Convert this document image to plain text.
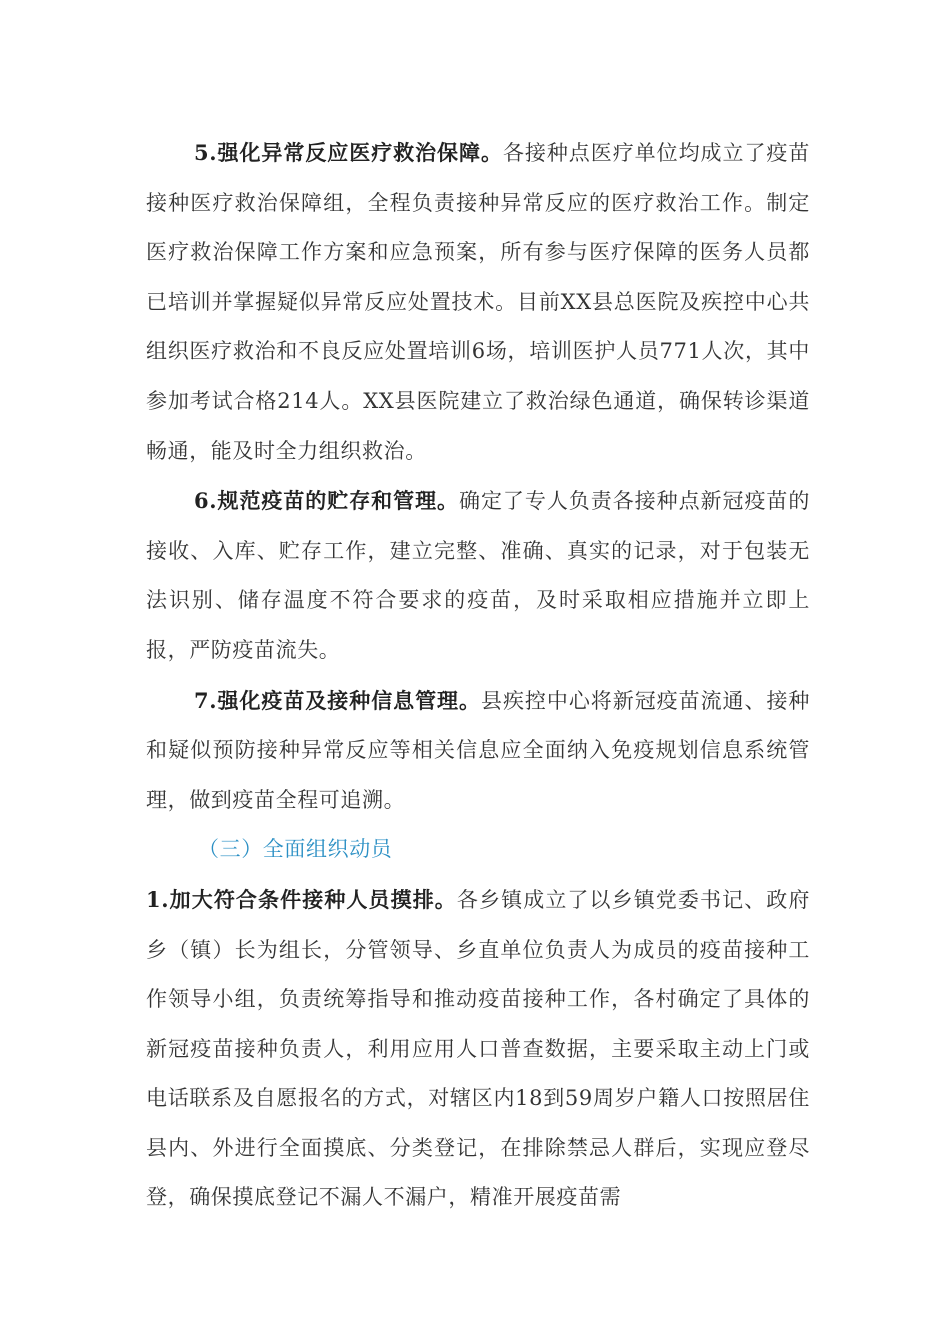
5.强化异常反应医疗救治保障。各接种点医疗单位均成立了疫苗接种医疗救治保障组，全程负责接种异常反应的医疗救治工作。制定医疗救治保障工作方案和应急预案，所有参与医疗保障的医务人员都已培训并掌握疑似异常反应处置技术。目前XX县总医院及疾控中心共组织医疗救治和不良反应处置培训6场，培训医护人员771人次，其中参加考试合格214人。XX县医院建立了救治绿色通道，确保转诊渠道畅通，能及时全力组织救治。

6.规范疫苗的贮存和管理。确定了专人负责各接种点新冠疫苗的接收、入库、贮存工作，建立完整、准确、真实的记录，对于包装无法识别、储存温度不符合要求的疫苗，及时采取相应措施并立即上报，严防疫苗流失。

7.强化疫苗及接种信息管理。县疾控中心将新冠疫苗流通、接种和疑似预防接种异常反应等相关信息应全面纳入免疫规划信息系统管理，做到疫苗全程可追溯。

（三）全面组织动员

1.加大符合条件接种人员摸排。各乡镇成立了以乡镇党委书记、政府乡（镇）长为组长，分管领导、乡直单位负责人为成员的疫苗接种工作领导小组，负责统筹指导和推动疫苗接种工作，各村确定了具体的新冠疫苗接种负责人，利用应用人口普查数据，主要采取主动上门或电话联系及自愿报名的方式，对辖区内18到59周岁户籍人口按照居住县内、外进行全面摸底、分类登记，在排除禁忌人群后，实现应登尽登，确保摸底登记不漏人不漏户，精准开展疫苗需
